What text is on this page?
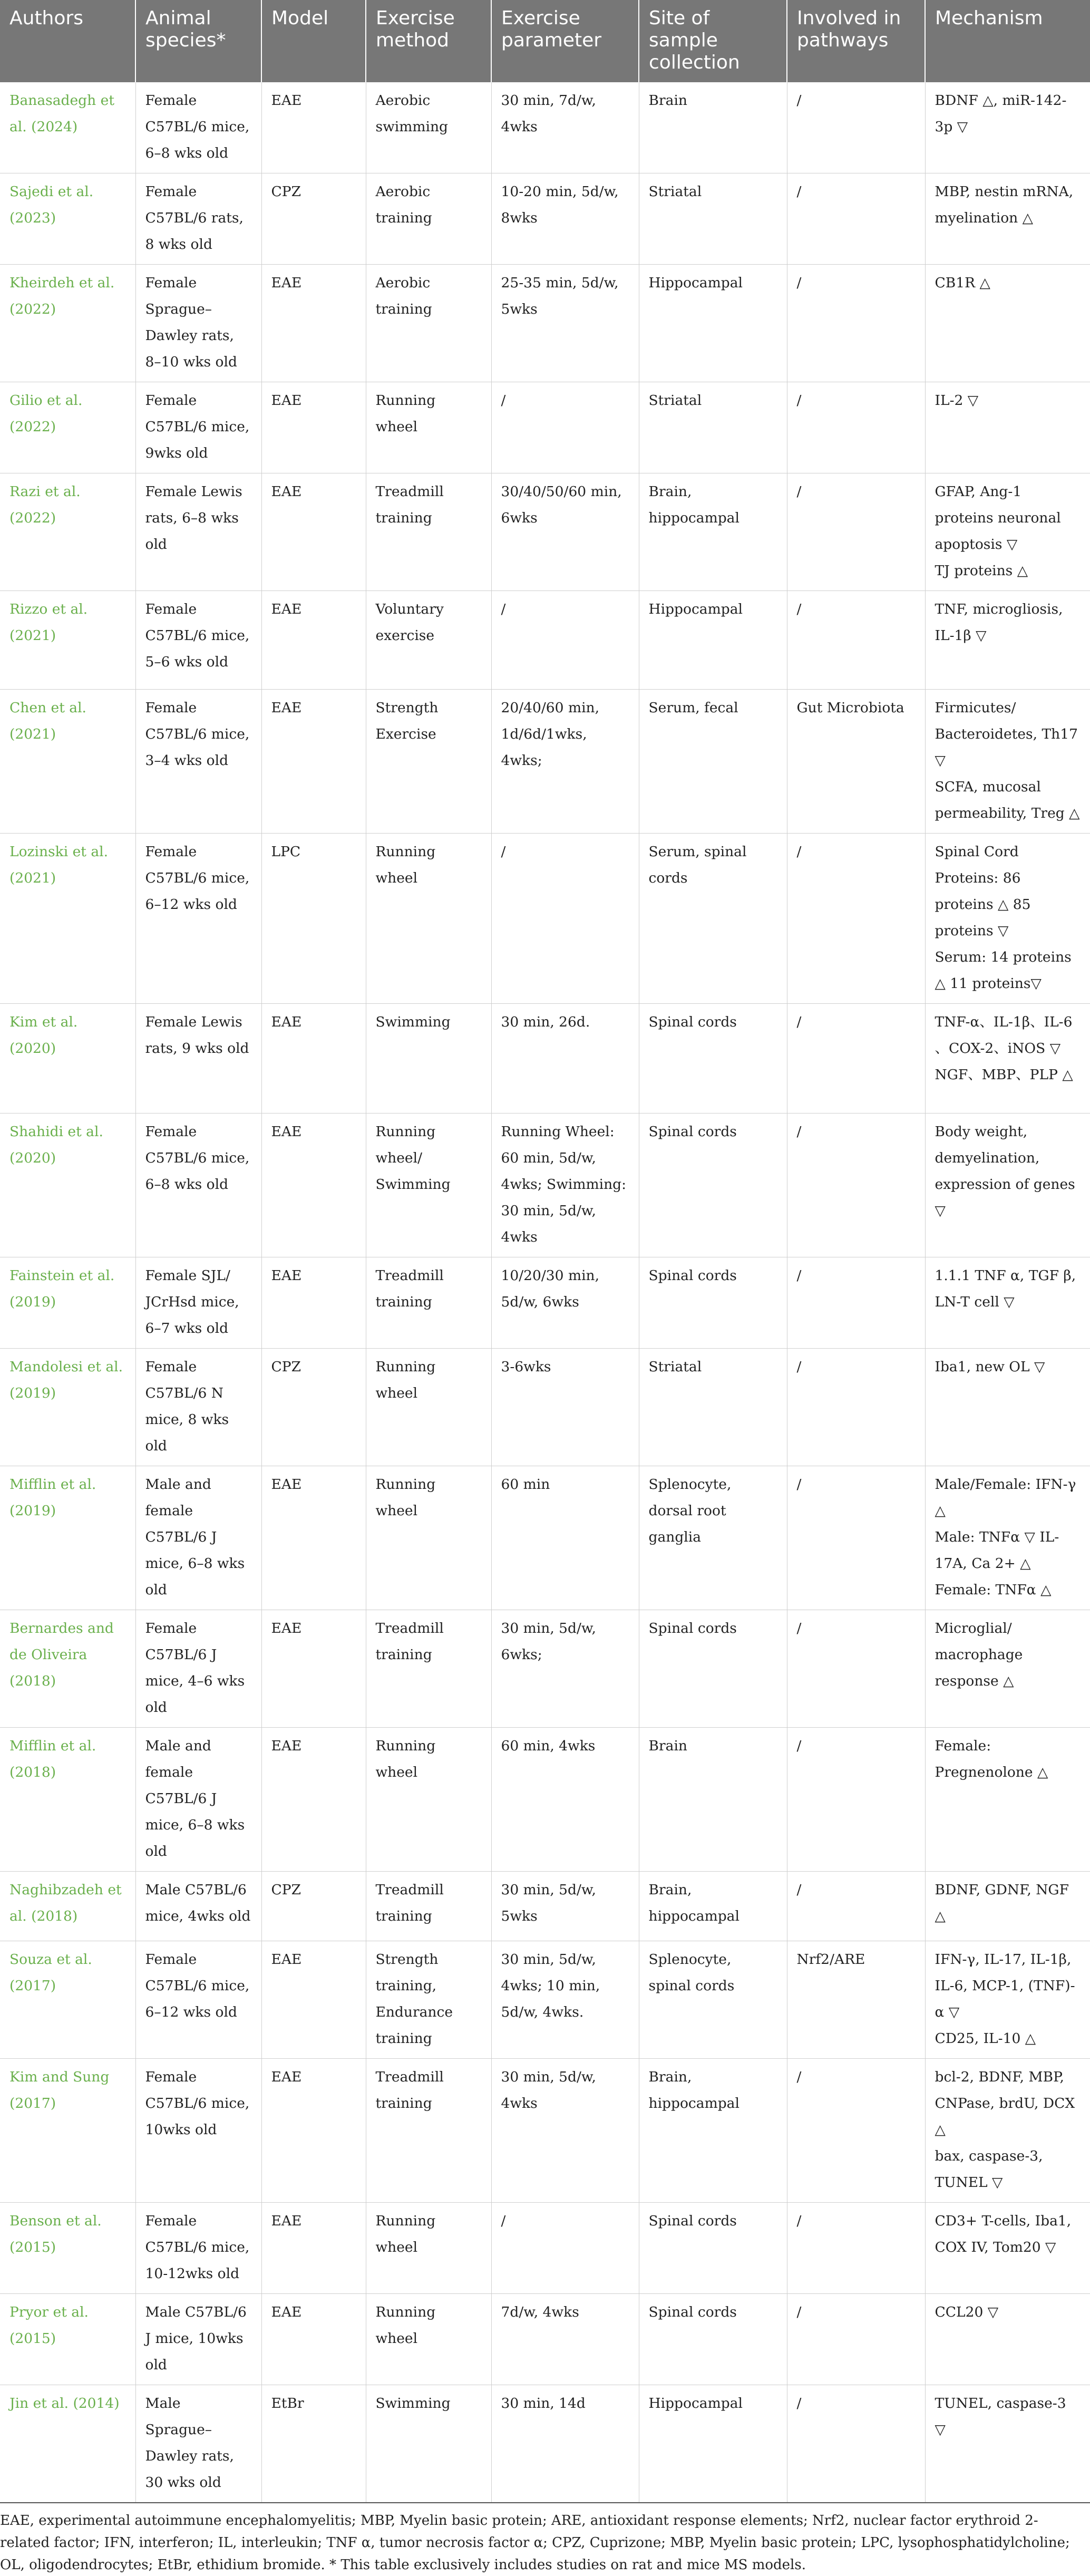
Authors	Animal species*	Model	Exercise method	Exercise parameter	Site of sample collection	Involved in pathways	Mechanism
Banasadegh et al. (2024)	Female C57BL/6 mice, 6–8 wks old	EAE	Aerobic swimming	30 min, 7d/w, 4wks	Brain	/	BDNF △, miR-142-3p ▽

Sajedi et al. (2023)	Female C57BL/6 rats, 8 wks old	CPZ	Aerobic training	10-20 min, 5d/w, 8wks	Striatal	/	MBP, nestin mRNA, myelination △

Kheirdeh et al. (2022)	Female Sprague–Dawley rats, 8–10 wks old	EAE	Aerobic training	25-35 min, 5d/w, 5wks	Hippocampal	/	CB1R △

Gilio et al. (2022)	Female C57BL/6 mice, 9wks old	EAE	Running wheel	/	Striatal	/	IL-2 ▽

Razi et al. (2022)	Female Lewis rats, 6–8 wks old	EAE	Treadmill training	30/40/50/60 min, 6wks	Brain, hippocampal	/	GFAP, Ang-1 proteins neuronal apoptosis ▽
TJ proteins △

Rizzo et al. (2021)	Female C57BL/6 mice, 5–6 wks old	EAE	Voluntary exercise	/	Hippocampal	/	TNF, microgliosis, IL-1β ▽

Chen et al. (2021)	Female C57BL/6 mice, 3–4 wks old	EAE	Strength Exercise	20/40/60 min, 1d/6d/1wks, 4wks;	Serum, fecal	Gut Microbiota	Firmicutes/ Bacteroidetes, Th17 ▽
SCFA, mucosal permeability, Treg △

Lozinski et al. (2021)	Female C57BL/6 mice, 6–12 wks old	LPC	Running wheel	/	Serum, spinal cords	/	Spinal Cord Proteins: 86 proteins △ 85 proteins ▽
Serum: 14 proteins △ 11 proteins▽

Kim et al. (2020)	Female Lewis rats, 9 wks old	EAE	Swimming	30 min, 26d.	Spinal cords	/	TNF-α、IL-1β、IL-6 、COX-2、iNOS ▽ NGF、MBP、PLP △

Shahidi et al. (2020)	Female C57BL/6 mice, 6–8 wks old	EAE	Running wheel/ Swimming	Running Wheel: 60 min, 5d/w, 4wks; Swimming: 30 min, 5d/w, 4wks	Spinal cords	/	Body weight, demyelination, expression of genes ▽

Fainstein et al. (2019)	Female SJL/ JCrHsd mice, 6–7 wks old	EAE	Treadmill training	10/20/30 min, 5d/w, 6wks	Spinal cords	/	1.1.1 TNF α, TGF β, LN-T cell ▽

Mandolesi et al. (2019)	Female C57BL/6 N mice, 8 wks old	CPZ	Running wheel	3-6wks	Striatal	/	Iba1, new OL ▽

Mifflin et al. (2019)	Male and female C57BL/6 J mice, 6–8 wks old	EAE	Running wheel	60 min	Splenocyte, dorsal root ganglia	/	Male/Female: IFN-γ △
Male: TNFα ▽ IL-17A, Ca 2+ △
Female: TNFα △

Bernardes and de Oliveira (2018)	Female C57BL/6 J mice, 4–6 wks old	EAE	Treadmill training	30 min, 5d/w, 6wks;	Spinal cords	/	Microglial/ macrophage response △

Mifflin et al. (2018)	Male and female C57BL/6 J mice, 6–8 wks old	EAE	Running wheel	60 min, 4wks	Brain	/	Female: Pregnenolone △

Naghibzadeh et al. (2018)	Male C57BL/6 mice, 4wks old	CPZ	Treadmill training	30 min, 5d/w, 5wks	Brain, hippocampal	/	BDNF, GDNF, NGF △

Souza et al. (2017)	Female C57BL/6 mice, 6–12 wks old	EAE	Strength training, Endurance training	30 min, 5d/w, 4wks; 10 min, 5d/w, 4wks.	Splenocyte, spinal cords	Nrf2/ARE	IFN-γ, IL-17, IL-1β, IL-6, MCP-1, (TNF)-α ▽
CD25, IL-10 △

Kim and Sung (2017)	Female C57BL/6 mice, 10wks old	EAE	Treadmill training	30 min, 5d/w, 4wks	Brain, hippocampal	/	bcl-2, BDNF, MBP, CNPase, brdU, DCX △
bax, caspase-3, TUNEL ▽

Benson et al. (2015)	Female C57BL/6 mice, 10-12wks old	EAE	Running wheel	/	Spinal cords	/	CD3+ T-cells, Iba1, COX IV, Tom20 ▽

Pryor et al. (2015)	Male C57BL/6 J mice, 10wks old	EAE	Running wheel	7d/w, 4wks	Spinal cords	/	CCL20 ▽

Jin et al. (2014)	Male Sprague–Dawley rats, 30 wks old	EtBr	Swimming	30 min, 14d	Hippocampal	/	TUNEL, caspase-3 ▽
EAE, experimental autoimmune encephalomyelitis; MBP, Myelin basic protein; ARE, antioxidant response elements; Nrf2, nuclear factor erythroid 2-related factor; IFN, interferon; IL, interleukin; TNF α, tumor necrosis factor α; CPZ, Cuprizone; MBP, Myelin basic protein; LPC, lysophosphatidylcholine; OL, oligodendrocytes; EtBr, ethidium bromide. * This table exclusively includes studies on rat and mice MS models.
